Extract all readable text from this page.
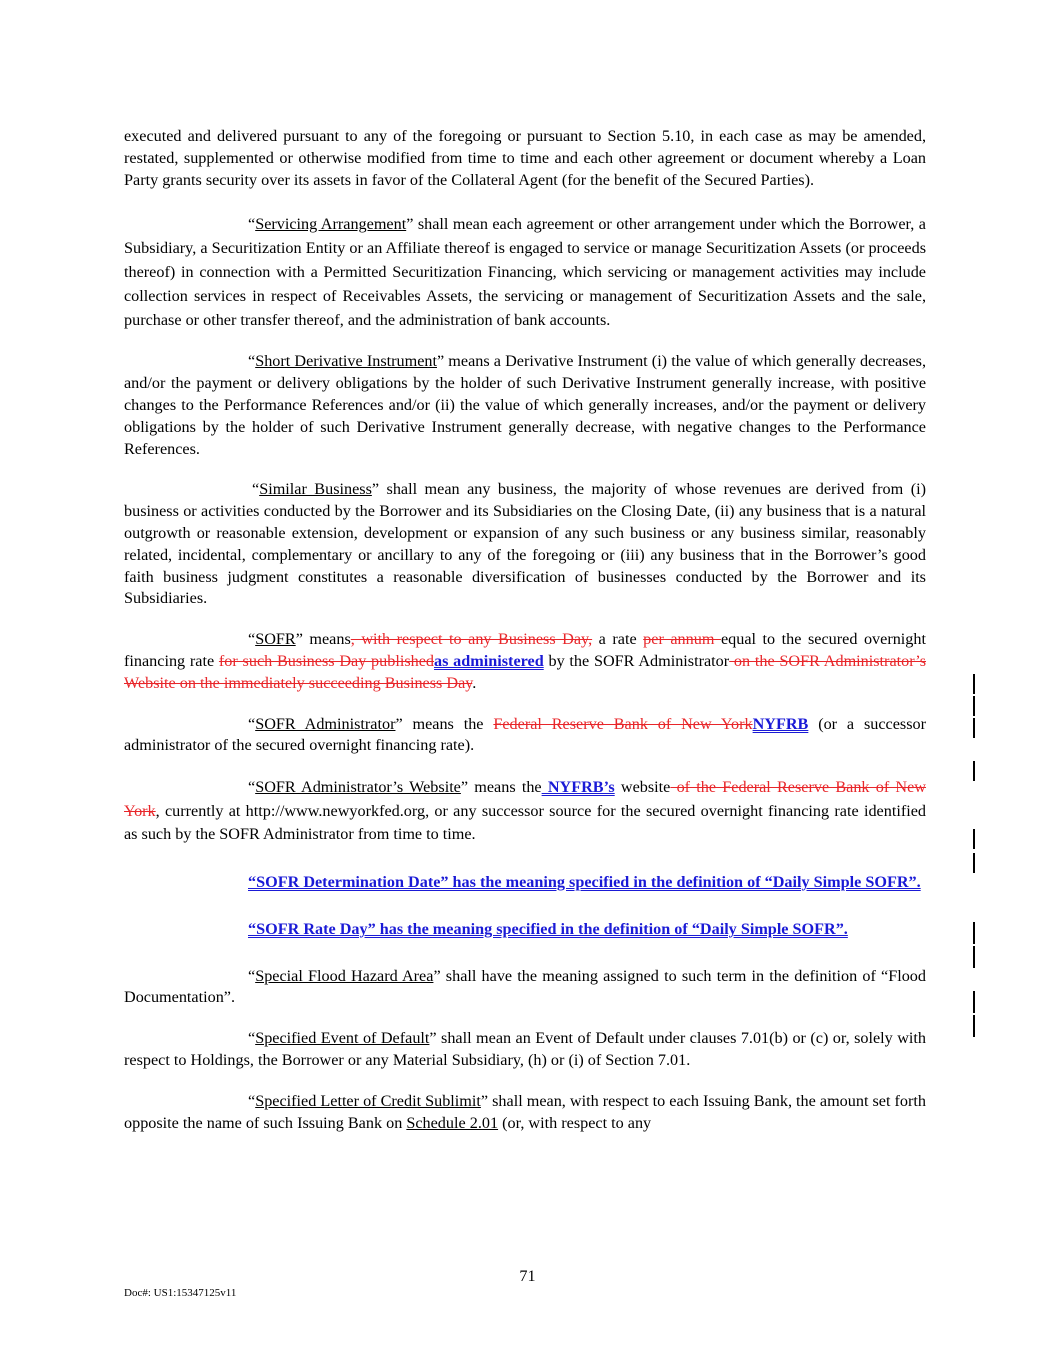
executed and delivered pursuant to any of the foregoing or pursuant to Section 5.10, in each case as may be amended, restated, supplemented or otherwise modified from time to time and each other agreement or document whereby a Loan Party grants security over its assets in favor of the Collateral Agent (for the benefit of the Secured Parties).

“Servicing Arrangement” shall mean each agreement or other arrangement under which the Borrower, a Subsidiary, a Securitization Entity or an Affiliate thereof is engaged to service or manage Securitization Assets (or proceeds thereof) in connection with a Permitted Securitization Financing, which servicing or management activities may include collection services in respect of Receivables Assets, the servicing or management of Securitization Assets and the sale, purchase or other transfer thereof, and the administration of bank accounts.

“Short Derivative Instrument” means a Derivative Instrument (i) the value of which generally decreases, and/or the payment or delivery obligations by the holder of such Derivative Instrument generally increase, with positive changes to the Performance References and/or (ii) the value of which generally increases, and/or the payment or delivery obligations by the holder of such Derivative Instrument generally decrease, with negative changes to the Performance References.

“Similar Business” shall mean any business, the majority of whose revenues are derived from (i) business or activities conducted by the Borrower and its Subsidiaries on the Closing Date, (ii) any business that is a natural outgrowth or reasonable extension, development or expansion of any such business or any business similar, reasonably related, incidental, complementary or ancillary to any of the foregoing or (iii) any business that in the Borrower’s good faith business judgment constitutes a reasonable diversification of businesses conducted by the Borrower and its Subsidiaries.

“SOFR” means, with respect to any Business Day, a rate per annum equal to the secured overnight financing rate for such Business Day publishedas administered by the SOFR Administrator on the SOFR Administrator’s Website on the immediately succeeding Business Day.

“SOFR Administrator” means the Federal Reserve Bank of New YorkNYFRB (or a successor administrator of the secured overnight financing rate).

“SOFR Administrator’s Website” means the NYFRB’s website of the Federal Reserve Bank of New York, currently at http://www.newyorkfed.org, or any successor source for the secured overnight financing rate identified as such by the SOFR Administrator from time to time.

“SOFR Determination Date” has the meaning specified in the definition of “Daily Simple SOFR”.

“SOFR Rate Day” has the meaning specified in the definition of “Daily Simple SOFR”.

“Special Flood Hazard Area” shall have the meaning assigned to such term in the definition of “Flood Documentation”.

“Specified Event of Default” shall mean an Event of Default under clauses 7.01(b) or (c) or, solely with respect to Holdings, the Borrower or any Material Subsidiary, (h) or (i) of Section 7.01.

“Specified Letter of Credit Sublimit” shall mean, with respect to each Issuing Bank, the amount set forth opposite the name of such Issuing Bank on Schedule 2.01 (or, with respect to any

71
Doc#: US1:15347125v11
